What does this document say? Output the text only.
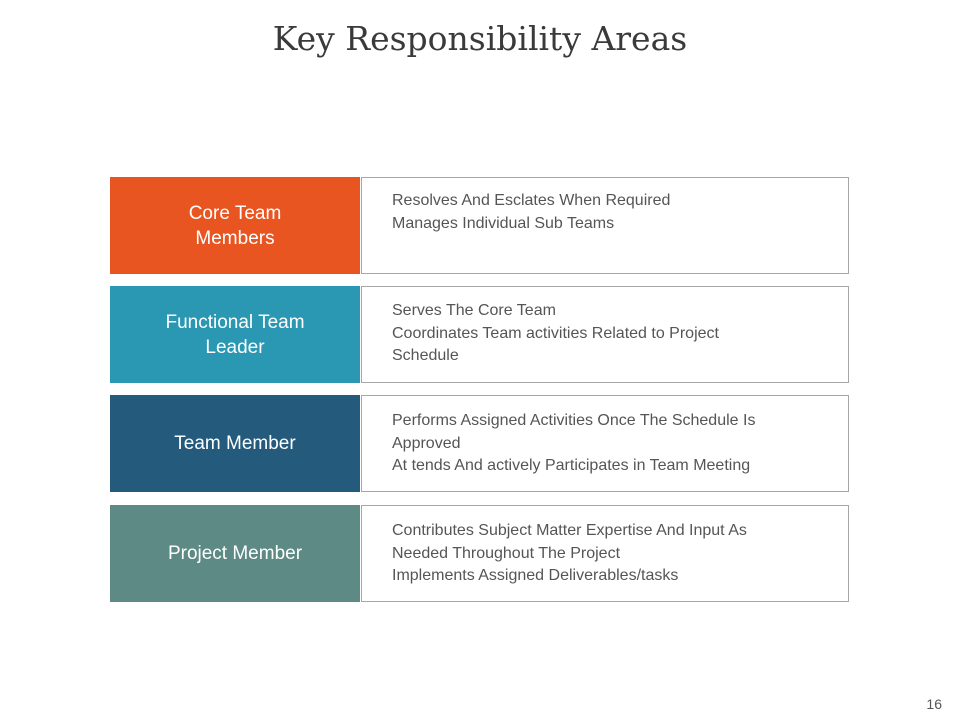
Key Responsibility Areas
Core Team
Members
Resolves And Esclates When Required
Manages Individual Sub Teams
Functional Team
Leader
Serves The Core Team
Coordinates Team activities Related to Project
Schedule
Team Member
Performs Assigned Activities Once The Schedule Is
Approved
At tends And actively Participates in Team Meeting
Project Member
Contributes Subject Matter Expertise And Input As
Needed Throughout The Project
Implements Assigned Deliverables/tasks
16
